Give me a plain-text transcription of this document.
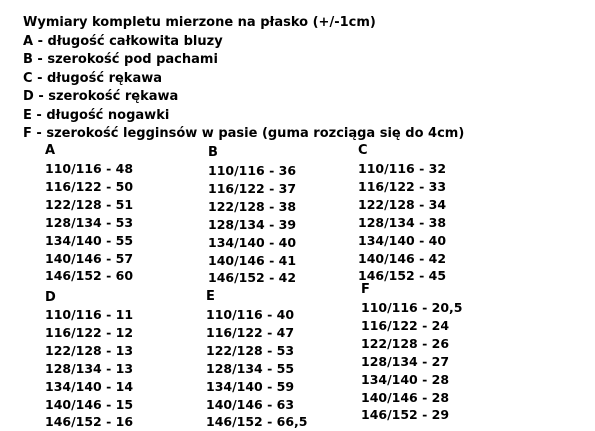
Wymiary kompletu mierzone na płasko (+/-1cm)
A - długość całkowita bluzy
B - szerokość pod pachami
C - długość rękawa
D - szerokość rękawa
E - długość nogawki
F - szerokość legginsów w pasie (guma rozciąga się do 4cm)
A
110/116 - 48
116/122 - 50
122/128 - 51
128/134 - 53
134/140 - 55
140/146 - 57
146/152 - 60
B
110/116 - 36
116/122 - 37
122/128 - 38
128/134 - 39
134/140 - 40
140/146 - 41
146/152 - 42
C
110/116 - 32
116/122 - 33
122/128 - 34
128/134 - 38
134/140 - 40
140/146 - 42
146/152 - 45
D
110/116 - 11
116/122 - 12
122/128 - 13
128/134 - 13
134/140 - 14
140/146 - 15
146/152 - 16
E
110/116 - 40
116/122 - 47
122/128 - 53
128/134 - 55
134/140 - 59
140/146 - 63
146/152 - 66,5
F
110/116 - 20,5
116/122 - 24
122/128 - 26
128/134 - 27
134/140 - 28
140/146 - 28
146/152 - 29
